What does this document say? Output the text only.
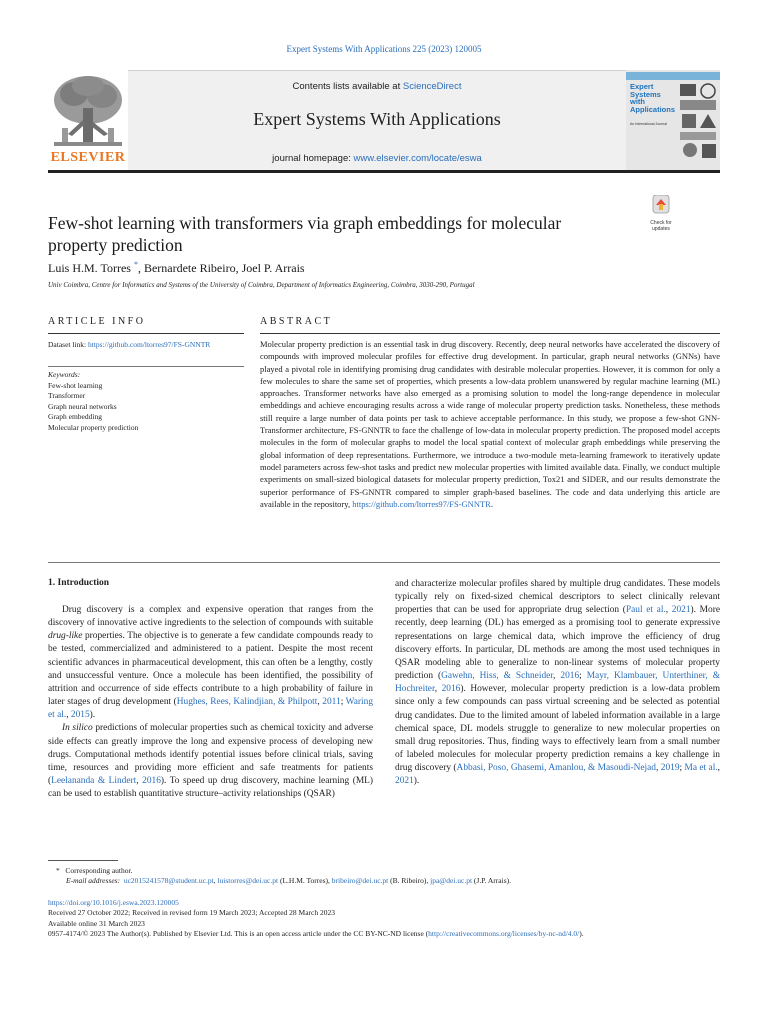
Expert Systems With Applications 225 (2023) 120005
ELSEVIER
Contents lists available at ScienceDirect
Expert Systems With Applications
journal homepage: www.elsevier.com/locate/eswa
Expert
Systems
with
Applications
An International Journal
Check for
updates
Few-shot learning with transformers via graph embeddings for molecular property prediction
Luis H.M. Torres *, Bernardete Ribeiro, Joel P. Arrais
Univ Coimbra, Centre for Informatics and Systems of the University of Coimbra, Department of Informatics Engineering, Coimbra, 3030-290, Portugal
ARTICLE INFO	ABSTRACT
Dataset link: https://github.com/ltorres97/FS-GNNTR
Keywords:
Few-shot learning
Transformer
Graph neural networks
Graph embedding
Molecular property prediction
Molecular property prediction is an essential task in drug discovery. Recently, deep neural networks have accelerated the discovery of compounds with improved molecular profiles for effective drug development. In particular, graph neural networks (GNNs) have played a pivotal role in identifying promising drug candidates with desirable molecular properties. However, it is common for only a few molecules to share the same set of properties, which presents a low-data problem unanswered by regular machine learning (ML) approaches. Transformer networks have also emerged as a promising solution to model the long-range dependence in molecular embeddings and achieve encouraging results across a wide range of molecular property prediction tasks. Nonetheless, these methods still require a large number of data points per task to achieve acceptable performance. In this study, we propose a few-shot GNN-Transformer architecture, FS-GNNTR to face the challenge of low-data in molecular property prediction. The proposed model accepts molecules in the form of molecular graphs to model the local spatial context of molecular graph embeddings while preserving the global information of deep representations. Furthermore, we introduce a two-module meta-learning framework to iteratively update model parameters across few-shot tasks and predict new molecular properties with limited available data. Finally, we conduct multiple experiments on small-sized biological datasets for molecular property prediction, Tox21 and SIDER, and our results demonstrate the superior performance of FS-GNNTR compared to simpler graph-based baselines. The code and data underlying this article are available in the repository, https://github.com/ltorres97/FS-GNNTR.
1. Introduction

Drug discovery is a complex and expensive operation that ranges from the discovery of innovative active ingredients to the selection of compounds with suitable drug-like properties. The objective is to generate a few candidate compounds ready to be tested, commercialized and administered to a patient. Despite the most recent scientific advances in pharmaceutical development, this can often be a lengthy, costly and unsuccessful venture. Once a molecule has been identified, the possibility of attrition and occurrence of side effects contribute to a high probability of failure in later stages of drug development (Hughes, Rees, Kalindjian, & Philpott, 2011; Waring et al., 2015).

In silico predictions of molecular properties such as chemical toxicity and adverse side effects can greatly improve the long and expensive process of developing new drugs. Computational methods identify potential issues before clinical trials, saving time, resources and providing more efficient and safe treatments for patients (Leelananda & Lindert, 2016). To speed up drug discovery, machine learning (ML) can be used to establish quantitative structure–activity relationships (QSAR)

and characterize molecular profiles shared by multiple drug candidates. These models typically rely on fixed-sized chemical descriptors to select clinically relevant properties that can be used for appropriate drug selection (Paul et al., 2021). More recently, deep learning (DL) has emerged as a promising tool to generate expressive representations on large chemical data, which improve the efficiency of drug discovery efforts. In particular, DL methods are among the most used techniques in QSAR modeling able to generalize to non-linear systems of molecular property prediction (Gawehn, Hiss, & Schneider, 2016; Mayr, Klambauer, Unterthiner, & Hochreiter, 2016). However, molecular property prediction is a low-data problem since only a few compounds can pass virtual screening and be selected as potential drug candidates. Due to the limited amount of labeled information available in a large chemical space, DL models struggle to generalize to new molecular properties on small drug repositories. Thus, finding ways to effectively learn from a small number of labeled molecules for molecular property prediction remains a key challenge in drug discovery (Abbasi, Poso, Ghasemi, Amanlou, & Masoudi-Nejad, 2019; Ma et al., 2021).

* Corresponding author.
E-mail addresses: uc2015241578@student.uc.pt, luistorres@dei.uc.pt (L.H.M. Torres), bribeiro@dei.uc.pt (B. Ribeiro), jpa@dei.uc.pt (J.P. Arrais).
https://doi.org/10.1016/j.eswa.2023.120005
Received 27 October 2022; Received in revised form 19 March 2023; Accepted 28 March 2023
Available online 31 March 2023
0957-4174/© 2023 The Author(s). Published by Elsevier Ltd. This is an open access article under the CC BY-NC-ND license (http://creativecommons.org/licenses/by-nc-nd/4.0/).
